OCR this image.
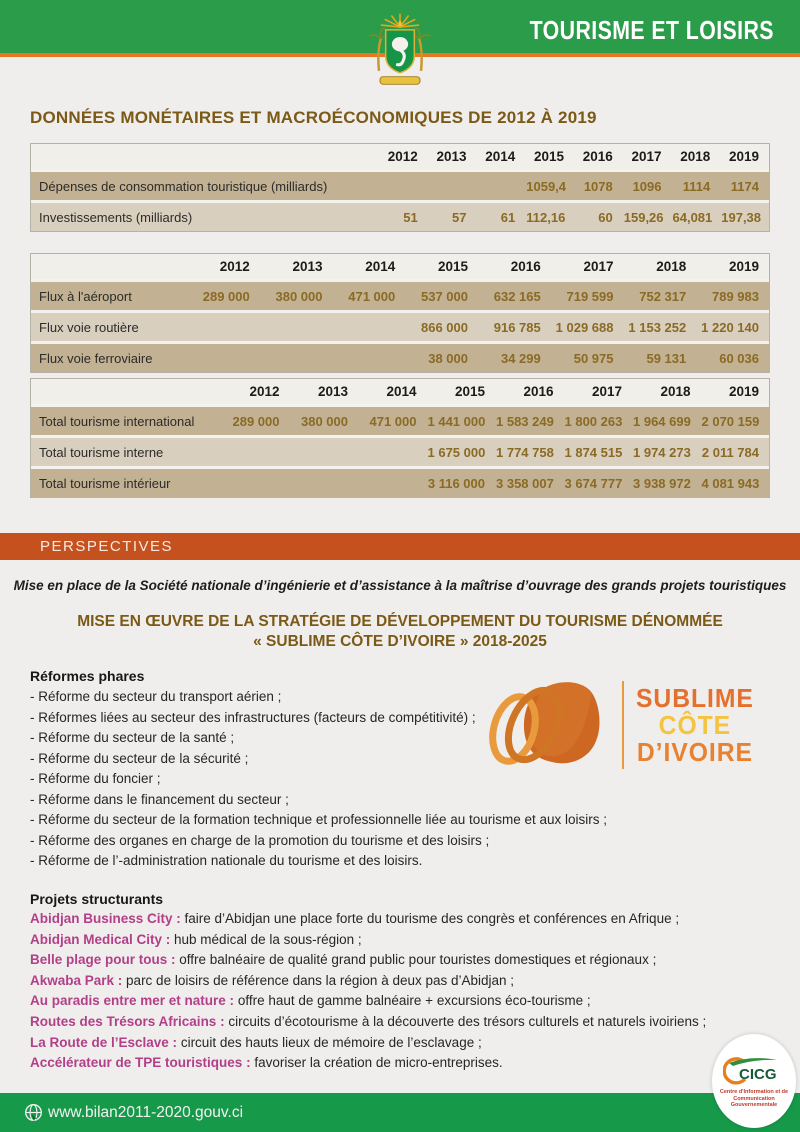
TOURISME ET LOISIRS
DONNÉES MONÉTAIRES ET MACROÉCONOMIQUES DE 2012 À 2019
	2012	2013	2014	2015	2016	2017	2018	2019
Dépenses de consommation touristique (milliards)				1059,4	1078	1096	1114	1174
Investissements (milliards)	51	57	61	112,16	60	159,26	64,081	197,38
	2012	2013	2014	2015	2016	2017	2018	2019
Flux à l'aéroport	289 000	380 000	471 000	537 000	632 165	719 599	752 317	789 983
Flux voie routière				866 000	916 785	1 029 688	1 153 252	1 220 140
Flux voie ferroviaire				38 000	34 299	50 975	59 131	60 036
	2012	2013	2014	2015	2016	2017	2018	2019
Total tourisme international	289 000	380 000	471 000	1 441 000	1 583 249	1 800 263	1 964 699	2 070 159
Total tourisme interne				1 675 000	1 774 758	1 874 515	1 974 273	2 011 784
Total tourisme intérieur				3 116 000	3 358 007	3 674 777	3 938 972	4 081 943
PERSPECTIVES
Mise en place de la Société nationale d’ingénierie et d’assistance à la maîtrise d’ouvrage des grands projets touristiques
MISE EN ŒUVRE DE LA STRATÉGIE DE DÉVELOPPEMENT DU TOURISME DÉNOMMÉE
« SUBLIME CÔTE D’IVOIRE » 2018-2025
Réformes phares
- Réforme du secteur du transport aérien ;
- Réformes liées au secteur des infrastructures (facteurs de compétitivité) ;
- Réforme du secteur de la santé ;
- Réforme du secteur de la sécurité ;
- Réforme du foncier ;
- Réforme dans le financement du secteur ;
- Réforme du secteur de la formation technique et professionnelle liée au tourisme et aux loisirs ;
- Réforme des organes en charge de la promotion du tourisme et des loisirs ;
- Réforme de l’-administration nationale du tourisme et des loisirs.
SUBLIME
CÔTE
D’IVOIRE
Projets structurants
Abidjan Business City : faire d’Abidjan une place forte du tourisme des congrès et conférences en Afrique ;
Abidjan Medical City : hub médical de la sous-région ;
Belle plage pour tous : offre balnéaire de qualité grand public pour touristes domestiques et régionaux ;
Akwaba Park : parc de loisirs de référence dans la région à deux pas d’Abidjan ;
Au paradis entre mer et nature : offre haut de gamme balnéaire + excursions éco-tourisme ;
Routes des Trésors Africains : circuits d’écotourisme à la découverte des trésors culturels et naturels ivoiriens ;
La Route de l’Esclave : circuit des hauts lieux de mémoire de l’esclavage ;
Accélérateur de TPE touristiques : favoriser la création de micro-entreprises.
CICG
Centre d'Information et de
Communication Gouvernementale
www.bilan2011-2020.gouv.ci
